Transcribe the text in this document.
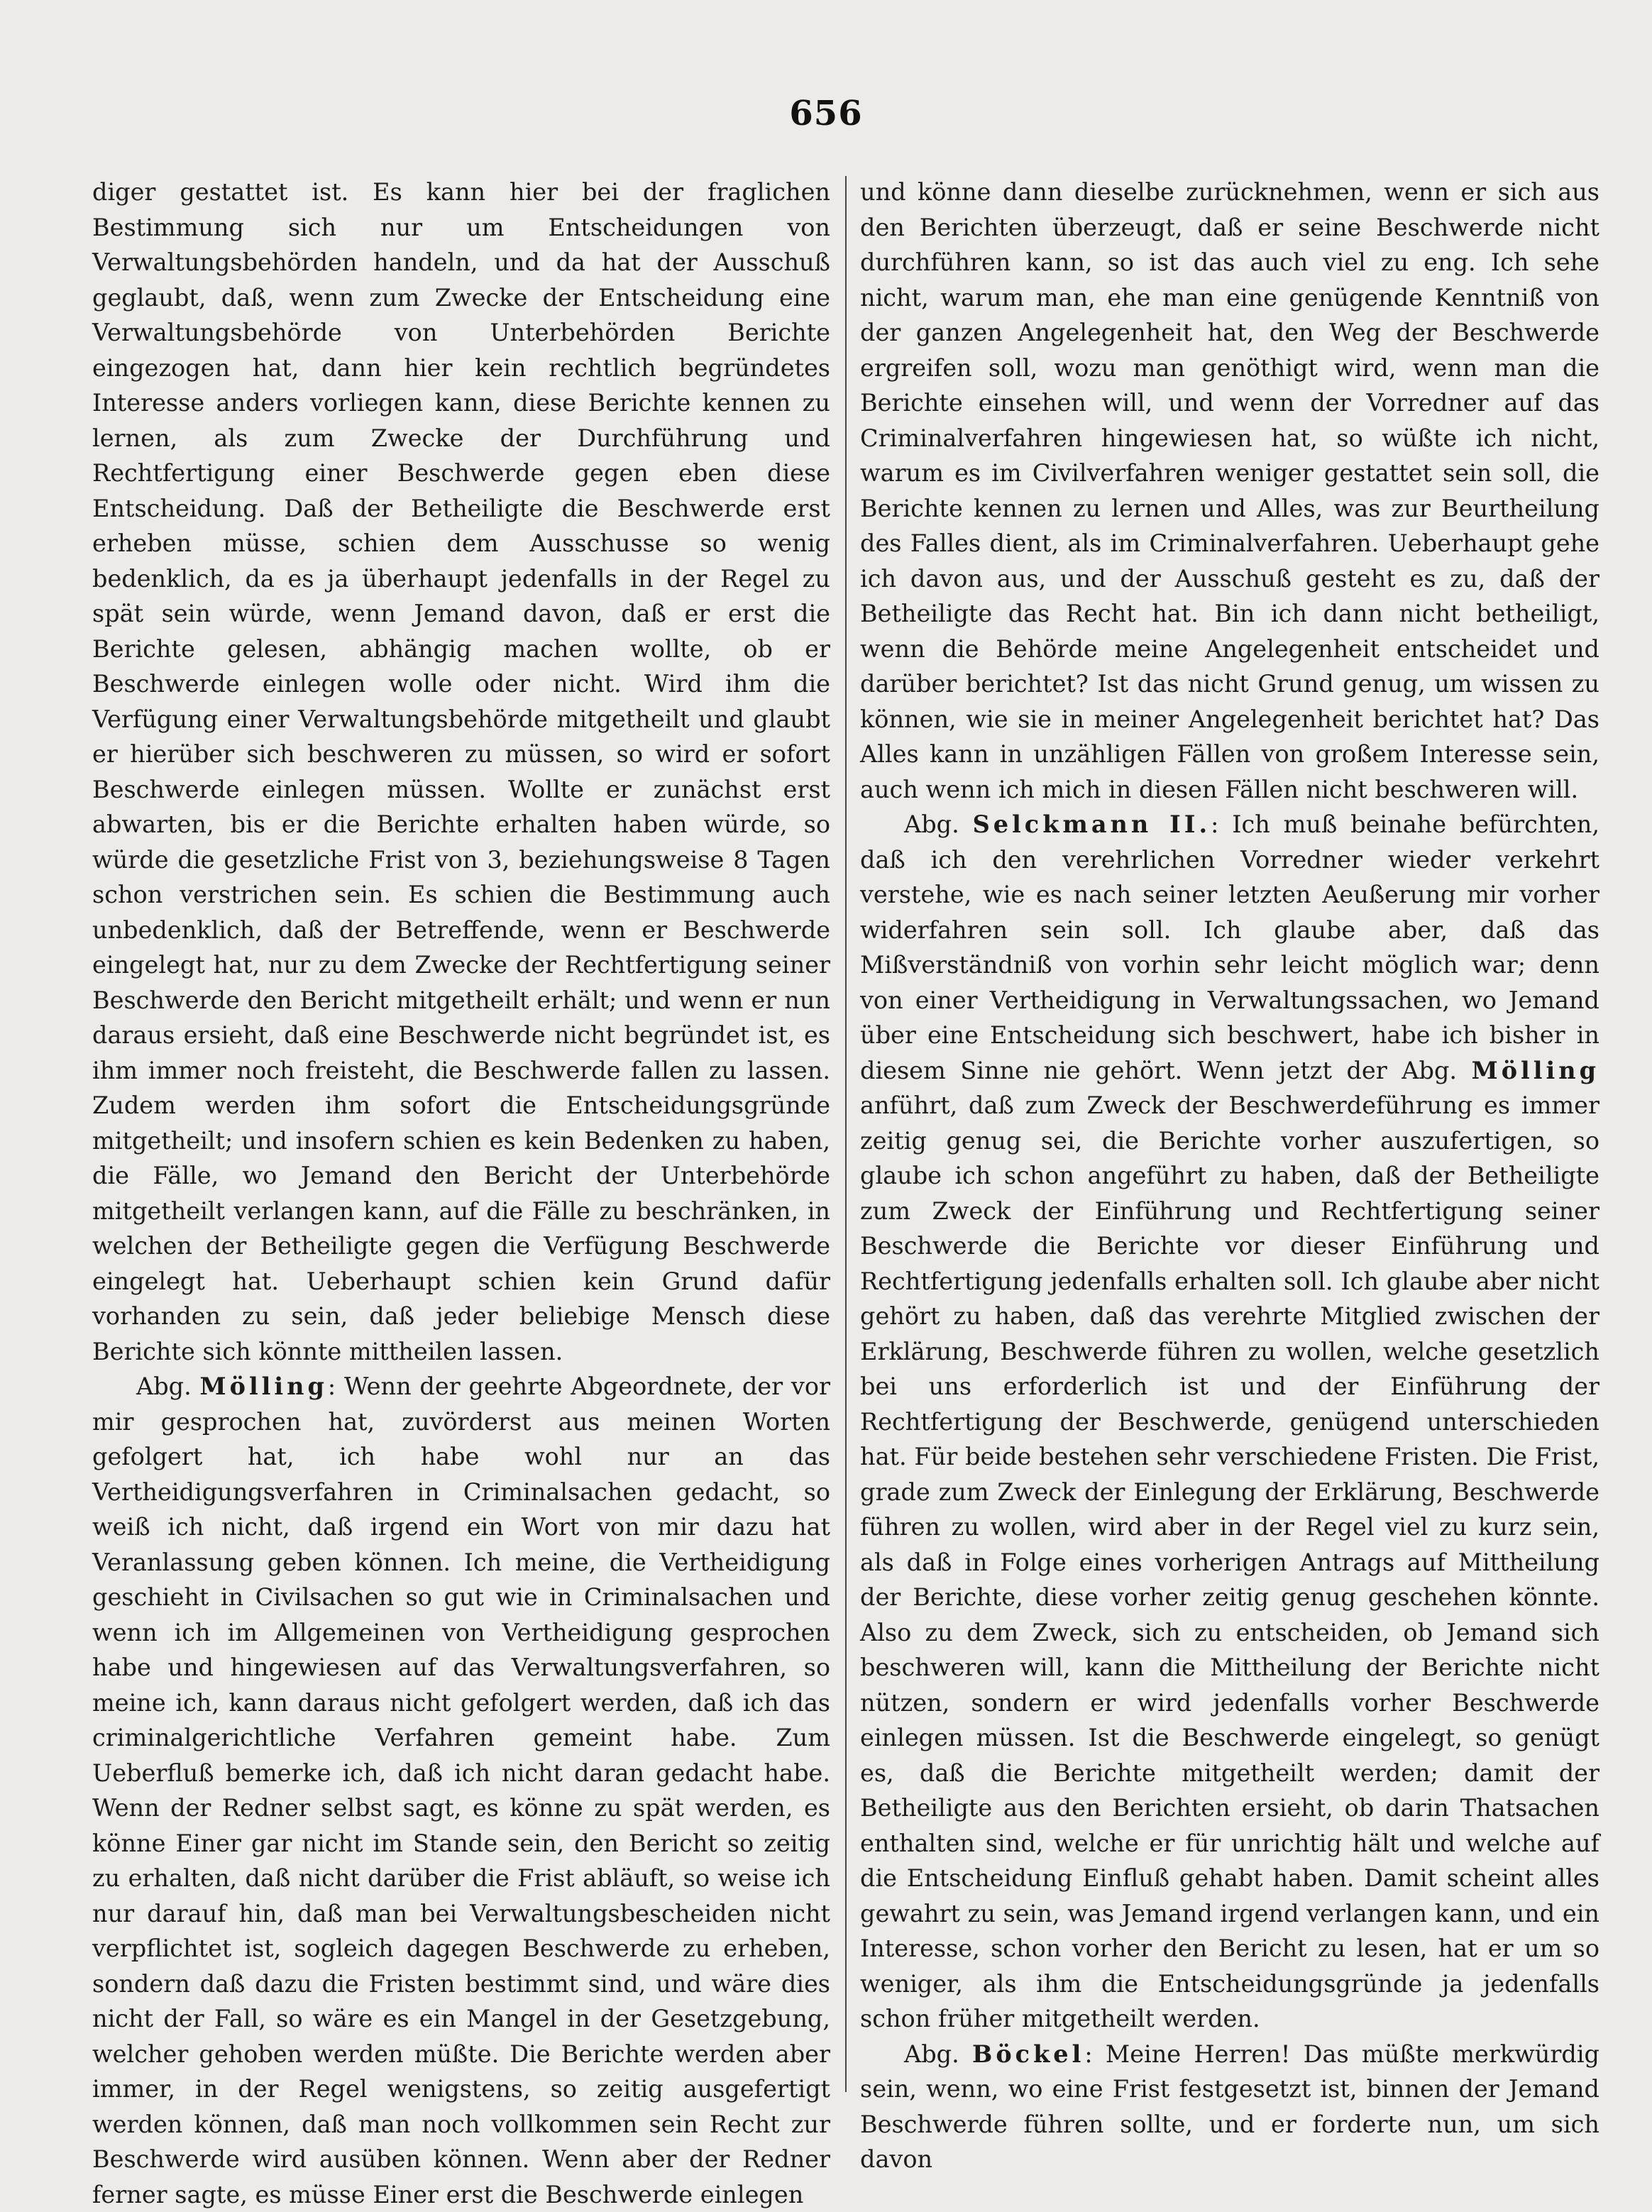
656

diger gestattet ist. Es kann hier bei der fraglichen Bestimmung sich nur um Entscheidungen von Verwaltungsbehörden handeln, und da hat der Ausschuß geglaubt, daß, wenn zum Zwecke der Entscheidung eine Verwaltungsbehörde von Unterbehörden Berichte eingezogen hat, dann hier kein rechtlich begründetes Interesse anders vorliegen kann, diese Berichte kennen zu lernen, als zum Zwecke der Durchführung und Rechtfertigung einer Beschwerde gegen eben diese Entscheidung. Daß der Betheiligte die Beschwerde erst erheben müsse, schien dem Ausschusse so wenig bedenklich, da es ja überhaupt jedenfalls in der Regel zu spät sein würde, wenn Jemand davon, daß er erst die Berichte gelesen, abhängig machen wollte, ob er Beschwerde einlegen wolle oder nicht. Wird ihm die Verfügung einer Verwaltungsbehörde mitgetheilt und glaubt er hierüber sich beschweren zu müssen, so wird er sofort Beschwerde einlegen müssen. Wollte er zunächst erst abwarten, bis er die Berichte erhalten haben würde, so würde die gesetzliche Frist von 3, beziehungsweise 8 Tagen schon verstrichen sein. Es schien die Bestimmung auch unbedenklich, daß der Betreffende, wenn er Beschwerde eingelegt hat, nur zu dem Zwecke der Rechtfertigung seiner Beschwerde den Bericht mitgetheilt erhält; und wenn er nun daraus ersieht, daß eine Beschwerde nicht begründet ist, es ihm immer noch freisteht, die Beschwerde fallen zu lassen. Zudem werden ihm sofort die Entscheidungsgründe mitgetheilt; und insofern schien es kein Bedenken zu haben, die Fälle, wo Jemand den Bericht der Unterbehörde mitgetheilt verlangen kann, auf die Fälle zu beschränken, in welchen der Betheiligte gegen die Verfügung Beschwerde eingelegt hat. Ueberhaupt schien kein Grund dafür vorhanden zu sein, daß jeder beliebige Mensch diese Berichte sich könnte mittheilen lassen.

Abg. Mölling: Wenn der geehrte Abgeordnete, der vor mir gesprochen hat, zuvörderst aus meinen Worten gefolgert hat, ich habe wohl nur an das Vertheidigungsverfahren in Criminalsachen gedacht, so weiß ich nicht, daß irgend ein Wort von mir dazu hat Veranlassung geben können. Ich meine, die Vertheidigung geschieht in Civilsachen so gut wie in Criminalsachen und wenn ich im Allgemeinen von Vertheidigung gesprochen habe und hingewiesen auf das Verwaltungsverfahren, so meine ich, kann daraus nicht gefolgert werden, daß ich das criminalgerichtliche Verfahren gemeint habe. Zum Ueberfluß bemerke ich, daß ich nicht daran gedacht habe. Wenn der Redner selbst sagt, es könne zu spät werden, es könne Einer gar nicht im Stande sein, den Bericht so zeitig zu erhalten, daß nicht darüber die Frist abläuft, so weise ich nur darauf hin, daß man bei Verwaltungsbescheiden nicht verpflichtet ist, sogleich dagegen Beschwerde zu erheben, sondern daß dazu die Fristen bestimmt sind, und wäre dies nicht der Fall, so wäre es ein Mangel in der Gesetzgebung, welcher gehoben werden müßte. Die Berichte werden aber immer, in der Regel wenigstens, so zeitig ausgefertigt werden können, daß man noch vollkommen sein Recht zur Beschwerde wird ausüben können. Wenn aber der Redner ferner sagte, es müsse Einer erst die Beschwerde einlegen

und könne dann dieselbe zurücknehmen, wenn er sich aus den Berichten überzeugt, daß er seine Beschwerde nicht durchführen kann, so ist das auch viel zu eng. Ich sehe nicht, warum man, ehe man eine genügende Kenntniß von der ganzen Angelegenheit hat, den Weg der Beschwerde ergreifen soll, wozu man genöthigt wird, wenn man die Berichte einsehen will, und wenn der Vorredner auf das Criminalverfahren hingewiesen hat, so wüßte ich nicht, warum es im Civilverfahren weniger gestattet sein soll, die Berichte kennen zu lernen und Alles, was zur Beurtheilung des Falles dient, als im Criminalverfahren. Ueberhaupt gehe ich davon aus, und der Ausschuß gesteht es zu, daß der Betheiligte das Recht hat. Bin ich dann nicht betheiligt, wenn die Behörde meine Angelegenheit entscheidet und darüber berichtet? Ist das nicht Grund genug, um wissen zu können, wie sie in meiner Angelegenheit berichtet hat? Das Alles kann in unzähligen Fällen von großem Interesse sein, auch wenn ich mich in diesen Fällen nicht beschweren will.

Abg. Selckmann II.: Ich muß beinahe befürchten, daß ich den verehrlichen Vorredner wieder verkehrt verstehe, wie es nach seiner letzten Aeußerung mir vorher widerfahren sein soll. Ich glaube aber, daß das Mißverständniß von vorhin sehr leicht möglich war; denn von einer Vertheidigung in Verwaltungssachen, wo Jemand über eine Entscheidung sich beschwert, habe ich bisher in diesem Sinne nie gehört. Wenn jetzt der Abg. Mölling anführt, daß zum Zweck der Beschwerdeführung es immer zeitig genug sei, die Berichte vorher auszufertigen, so glaube ich schon angeführt zu haben, daß der Betheiligte zum Zweck der Einführung und Rechtfertigung seiner Beschwerde die Berichte vor dieser Einführung und Rechtfertigung jedenfalls erhalten soll. Ich glaube aber nicht gehört zu haben, daß das verehrte Mitglied zwischen der Erklärung, Beschwerde führen zu wollen, welche gesetzlich bei uns erforderlich ist und der Einführung der Rechtfertigung der Beschwerde, genügend unterschieden hat. Für beide bestehen sehr verschiedene Fristen. Die Frist, grade zum Zweck der Einlegung der Erklärung, Beschwerde führen zu wollen, wird aber in der Regel viel zu kurz sein, als daß in Folge eines vorherigen Antrags auf Mittheilung der Berichte, diese vorher zeitig genug geschehen könnte. Also zu dem Zweck, sich zu entscheiden, ob Jemand sich beschweren will, kann die Mittheilung der Berichte nicht nützen, sondern er wird jedenfalls vorher Beschwerde einlegen müssen. Ist die Beschwerde eingelegt, so genügt es, daß die Berichte mitgetheilt werden; damit der Betheiligte aus den Berichten ersieht, ob darin Thatsachen enthalten sind, welche er für unrichtig hält und welche auf die Entscheidung Einfluß gehabt haben. Damit scheint alles gewahrt zu sein, was Jemand irgend verlangen kann, und ein Interesse, schon vorher den Bericht zu lesen, hat er um so weniger, als ihm die Entscheidungsgründe ja jedenfalls schon früher mitgetheilt werden.

Abg. Böckel: Meine Herren! Das müßte merkwürdig sein, wenn, wo eine Frist festgesetzt ist, binnen der Jemand Beschwerde führen sollte, und er forderte nun, um sich davon
